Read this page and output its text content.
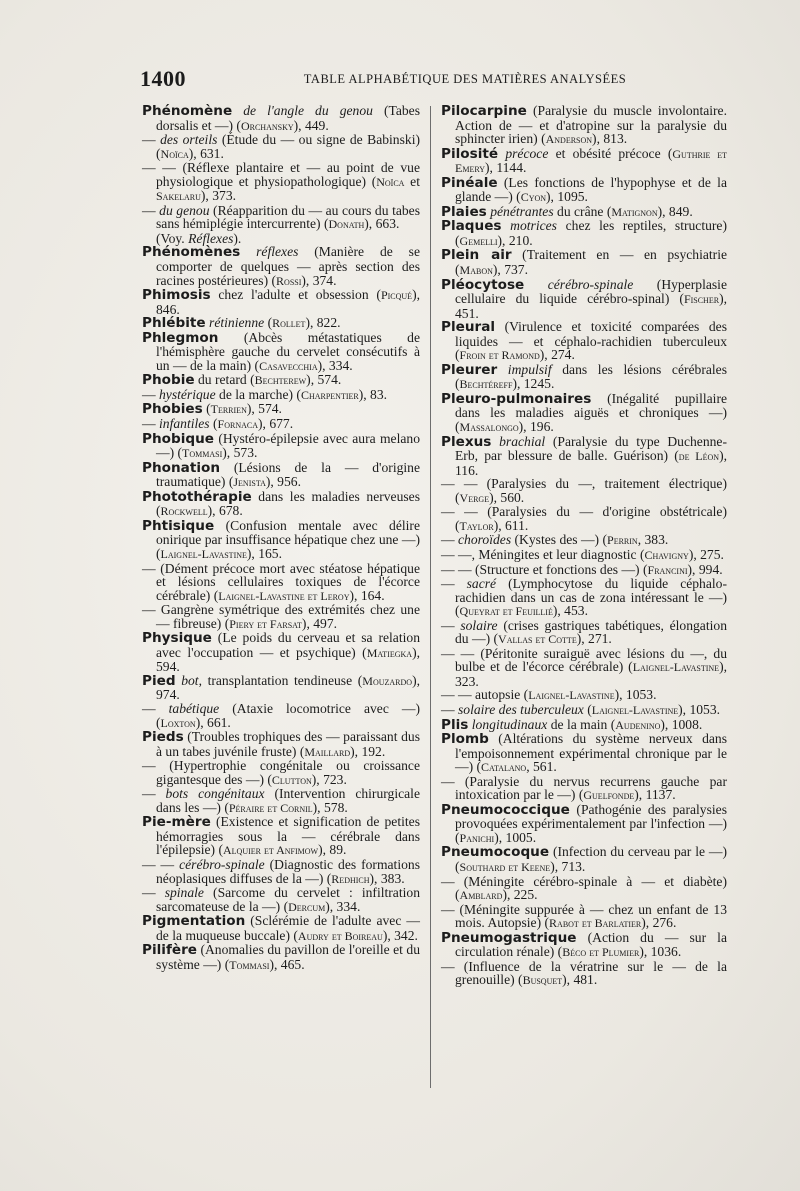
1400	TABLE ALPHABÉTIQUE DES MATIÈRES ANALYSÉES

Phénomène de l'angle du genou (Tabes dorsalis et —) (Orchansky), 449.

— des orteils (Étude du — ou signe de Babinski) (Noïca), 631.

— — (Réflexe plantaire et — au point de vue physiologique et physiopathologique) (Noïca et Sakelaru), 373.

— du genou (Réapparition du — au cours du tabes sans hémiplégie intercurrente) (Donath), 663.

(Voy. Réflexes).

Phénomènes réflexes (Manière de se comporter de quelques — après section des racines postérieures) (Rossi), 374.

Phimosis chez l'adulte et obsession (Picqué), 846.

Phlébite rétinienne (Rollet), 822.

Phlegmon (Abcès métastatiques de l'hémisphère gauche du cervelet consécutifs à un — de la main) (Casavecchia), 334.

Phobie du retard (Bechterew), 574.

— hystérique de la marche) (Charpentier), 83.

Phobies (Terrien), 574.

— infantiles (Fornaca), 677.

Phobique (Hystéro-épilepsie avec aura melano —) (Tommasi), 573.

Phonation (Lésions de la — d'origine traumatique) (Jenista), 956.

Photothérapie dans les maladies nerveuses (Rockwell), 678.

Phtisique (Confusion mentale avec délire onirique par insuffisance hépatique chez une —) (Laignel-Lavastine), 165.

— (Dément précoce mort avec stéatose hépatique et lésions cellulaires toxiques de l'écorce cérébrale) (Laignel-Lavastine et Leroy), 164.

— Gangrène symétrique des extrémités chez une — fibreuse) (Piery et Farsat), 497.

Physique (Le poids du cerveau et sa relation avec l'occupation — et psychique) (Matiegka), 594.

Pied bot, transplantation tendineuse (Mouzardo), 974.

— tabétique (Ataxie locomotrice avec —) (Loxton), 661.

Pieds (Troubles trophiques des — paraissant dus à un tabes juvénile fruste) (Maillard), 192.

— (Hypertrophie congénitale ou croissance gigantesque des —) (Clutton), 723.

— bots congénitaux (Intervention chirurgicale dans les —) (Péraire et Cornil), 578.

Pie-mère (Existence et signification de petites hémorragies sous la — cérébrale dans l'épilepsie) (Alquier et Anfimow), 89.

— — cérébro-spinale (Diagnostic des formations néoplasiques diffuses de la —) (Redhich), 383.

— spinale (Sarcome du cervelet : infiltration sarcomateuse de la —) (Dercum), 334.

Pigmentation (Sclérémie de l'adulte avec — de la muqueuse buccale) (Audry et Boireau), 342.

Pilifère (Anomalies du pavillon de l'oreille et du système —) (Tommasi), 465.

Pilocarpine (Paralysie du muscle involontaire. Action de — et d'atropine sur la paralysie du sphincter irien) (Anderson), 813.

Pilosité précoce et obésité précoce (Guthrie et Emery), 1144.

Pinéale (Les fonctions de l'hypophyse et de la glande —) (Cyon), 1095.

Plaies pénétrantes du crâne (Matignon), 849.

Plaques motrices chez les reptiles, structure) (Gemelli), 210.

Plein air (Traitement en — en psychiatrie (Mabon), 737.

Pléocytose cérébro-spinale (Hyperplasie cellulaire du liquide cérébro-spinal) (Fischer), 451.

Pleural (Virulence et toxicité comparées des liquides — et céphalo-rachidien tuberculeux (Froin et Ramond), 274.

Pleurer impulsif dans les lésions cérébrales (Bechtéreff), 1245.

Pleuro-pulmonaires (Inégalité pupillaire dans les maladies aiguës et chroniques —) (Massalongo), 196.

Plexus brachial (Paralysie du type Duchenne-Erb, par blessure de balle. Guérison) (de Léon), 116.

— — (Paralysies du —, traitement électrique) (Verge), 560.

— — (Paralysies du — d'origine obstétricale) (Taylor), 611.

— choroïdes (Kystes des —) (Perrin, 383.

— —, Méningites et leur diagnostic (Chavigny), 275.

— — (Structure et fonctions des —) (Francini), 994.

— sacré (Lymphocytose du liquide céphalo-rachidien dans un cas de zona intéressant le —) (Queyrat et Feuillié), 453.

— solaire (crises gastriques tabétiques, élongation du —) (Vallas et Cotte), 271.

— — (Péritonite suraiguë avec lésions du —, du bulbe et de l'écorce cérébrale) (Laignel-Lavastine), 323.

— — autopsie (Laignel-Lavastine), 1053.

— solaire des tuberculeux (Laignel-Lavastine), 1053.

Plis longitudinaux de la main (Audenino), 1008.

Plomb (Altérations du système nerveux dans l'empoisonnement expérimental chronique par le —) (Catalano, 561.

— (Paralysie du nervus recurrens gauche par intoxication par le —) (Guelfonde), 1137.

Pneumococcique (Pathogénie des paralysies provoquées expérimentalement par l'infection —) (Panichi), 1005.

Pneumocoque (Infection du cerveau par le —) (Southard et Keene), 713.

— (Méningite cérébro-spinale à — et diabète) (Amblard), 225.

— (Méningite suppurée à — chez un enfant de 13 mois. Autopsie) (Rabot et Barlatier), 276.

Pneumogastrique (Action du — sur la circulation rénale) (Béco et Plumier), 1036.

— (Influence de la vératrine sur le — de la grenouille) (Busquet), 481.
